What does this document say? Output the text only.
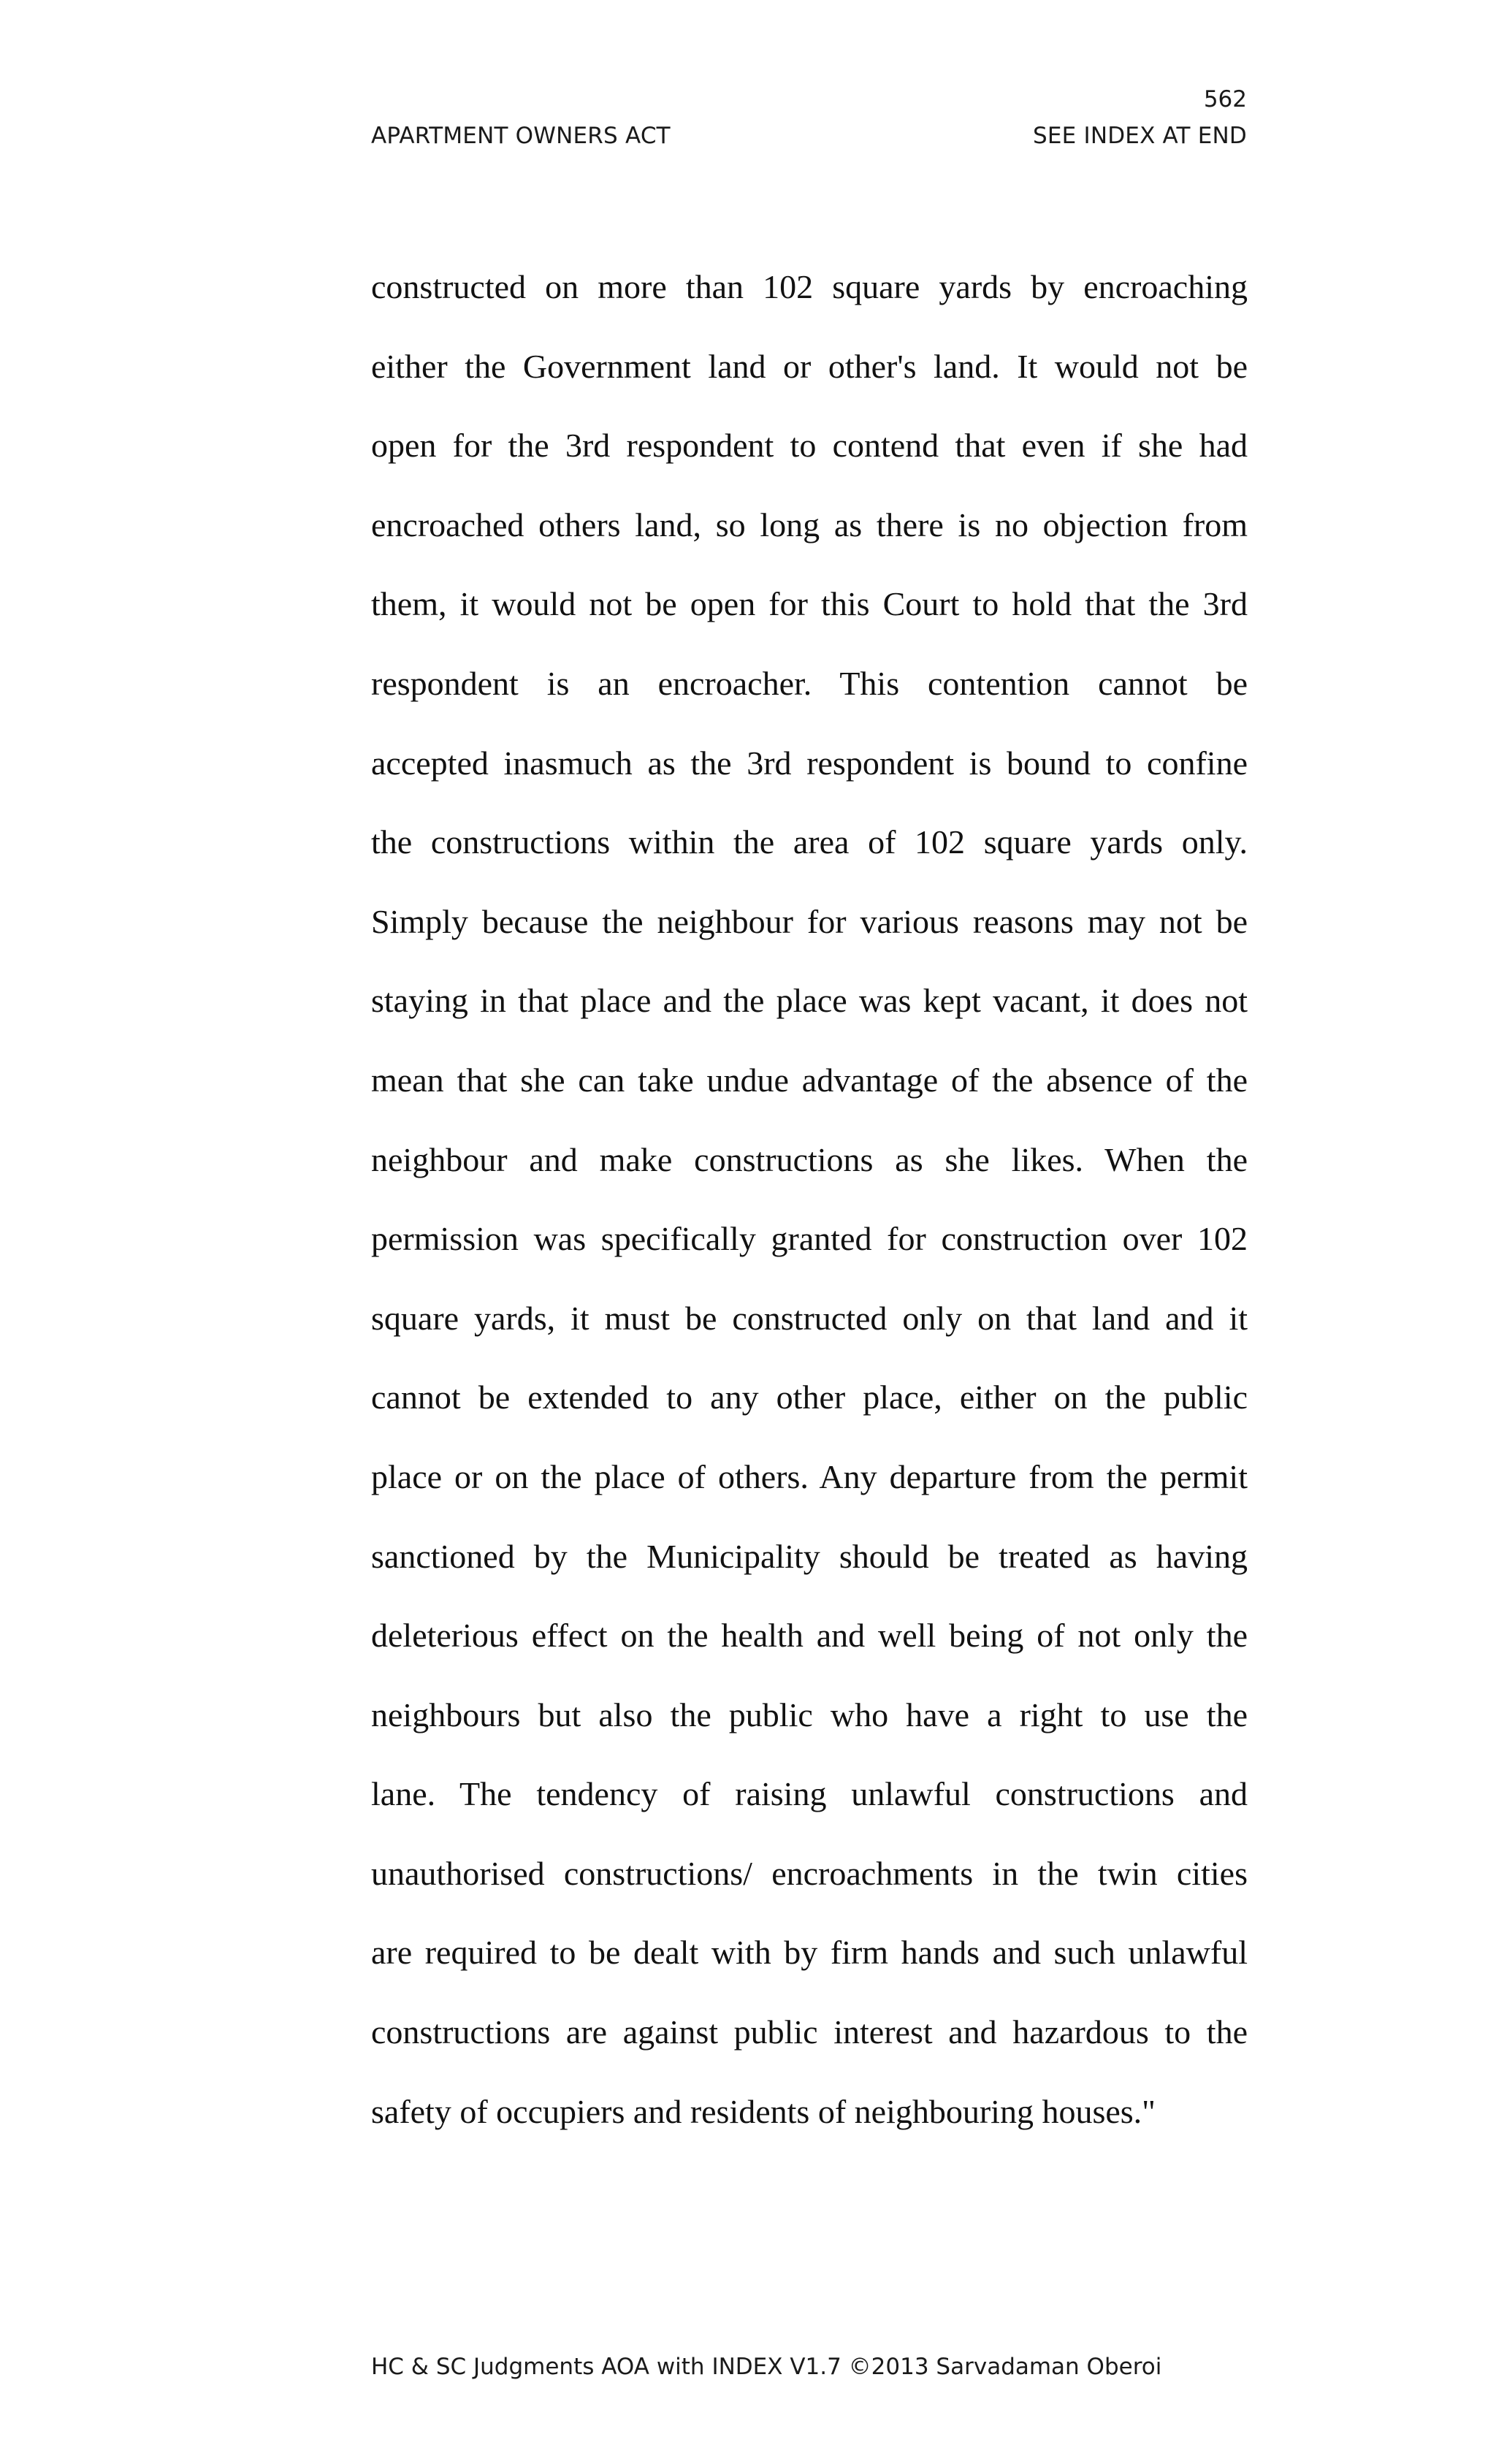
562
APARTMENT OWNERS ACT	SEE INDEX AT END
constructed on more than 102 square yards by encroaching
either the Government land or other's land. It would not be
open for the 3rd respondent to contend that even if she had
encroached others land, so long as there is no objection from
them, it would not be open for this Court to hold that the 3rd
respondent is an encroacher. This contention cannot be
accepted inasmuch as the 3rd respondent is bound to confine
the constructions within the area of 102 square yards only.
Simply because the neighbour for various reasons may not be
staying in that place and the place was kept vacant, it does not
mean that she can take undue advantage of the absence of the
neighbour and make constructions as she likes. When the
permission was specifically granted for construction over 102
square yards, it must be constructed only on that land and it
cannot be extended to any other place, either on the public
place or on the place of others. Any departure from the permit
sanctioned by the Municipality should be treated as having
deleterious effect on the health and well being of not only the
neighbours but also the public who have a right to use the
lane. The tendency of raising unlawful constructions and
unauthorised constructions/ encroachments in the twin cities
are required to be dealt with by firm hands and such unlawful
constructions are against public interest and hazardous to the
safety of occupiers and residents of neighbouring houses."
HC & SC Judgments AOA with INDEX V1.7 ©2013 Sarvadaman Oberoi
